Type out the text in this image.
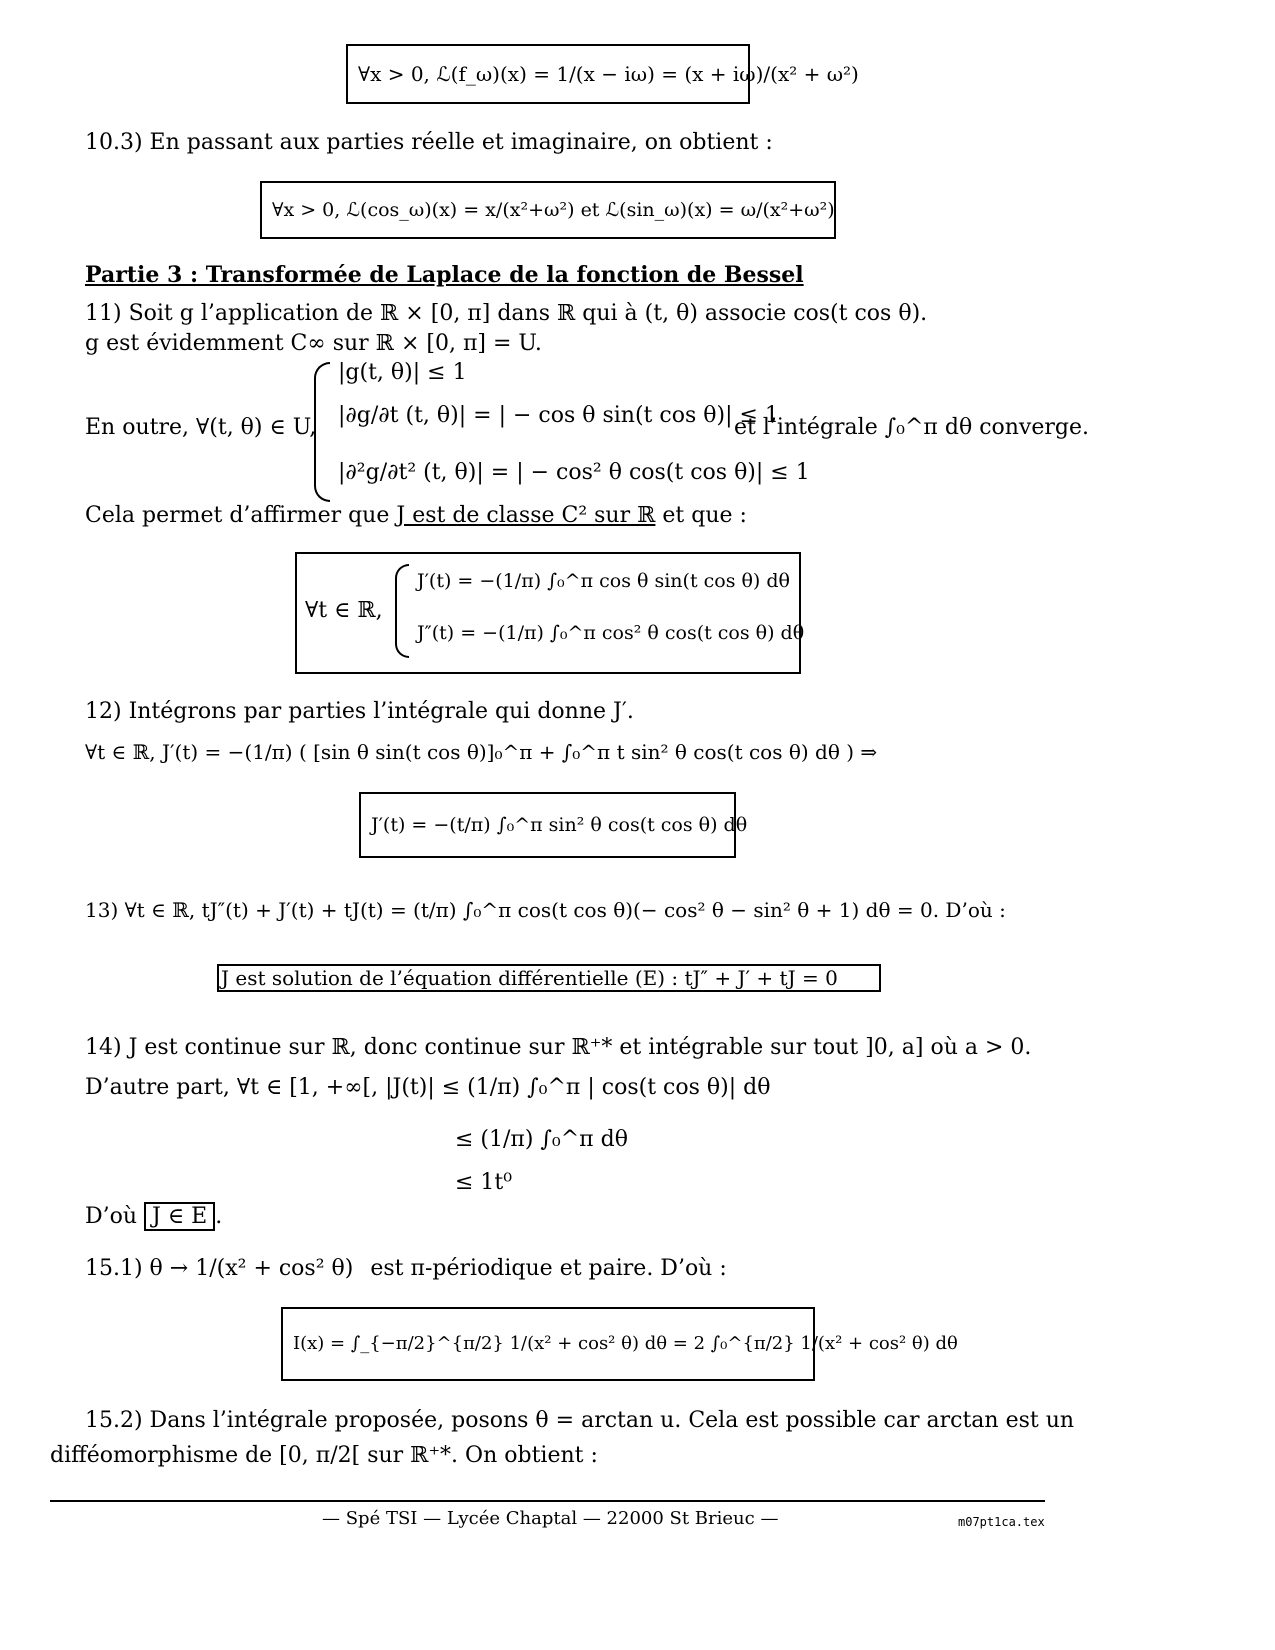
∀x > 0, ℒ(f_ω)(x) = 1/(x − iω) = (x + iω)/(x² + ω²)
10.3) En passant aux parties réelle et imaginaire, on obtient :
∀x > 0, ℒ(cos_ω)(x) = x/(x²+ω²) et ℒ(sin_ω)(x) = ω/(x²+ω²)
Partie 3 : Transformée de Laplace de la fonction de Bessel
11) Soit g l’application de ℝ × [0, π] dans ℝ qui à (t, θ) associe cos(t cos θ).
g est évidemment C∞ sur ℝ × [0, π] = U.
En outre, ∀(t, θ) ∈ U,
|g(t, θ)| ≤ 1
|∂g/∂t (t, θ)| = | − cos θ sin(t cos θ)| ≤ 1
|∂²g/∂t² (t, θ)| = | − cos² θ cos(t cos θ)| ≤ 1
et l’intégrale ∫₀^π dθ converge.
Cela permet d’affirmer que J est de classe C² sur ℝ et que :
∀t ∈ ℝ,
J′(t) = −(1/π) ∫₀^π cos θ sin(t cos θ) dθ
J″(t) = −(1/π) ∫₀^π cos² θ cos(t cos θ) dθ
12) Intégrons par parties l’intégrale qui donne J′.
∀t ∈ ℝ, J′(t) = −(1/π) ( [sin θ sin(t cos θ)]₀^π + ∫₀^π t sin² θ cos(t cos θ) dθ ) ⇒
J′(t) = −(t/π) ∫₀^π sin² θ cos(t cos θ) dθ
13) ∀t ∈ ℝ, tJ″(t) + J′(t) + tJ(t) = (t/π) ∫₀^π cos(t cos θ)(− cos² θ − sin² θ + 1) dθ = 0. D’où :
J est solution de l’équation différentielle (E) : tJ″ + J′ + tJ = 0
14) J est continue sur ℝ, donc continue sur ℝ⁺* et intégrable sur tout ]0, a] où a > 0.
D’autre part, ∀t ∈ [1, +∞[, |J(t)| ≤ (1/π) ∫₀^π | cos(t cos θ)| dθ
≤ (1/π) ∫₀^π dθ
≤ 1t⁰
D’où J ∈ E .
15.1) θ → 1/(x² + cos² θ) est π-périodique et paire. D’où :
I(x) = ∫_{−π/2}^{π/2} 1/(x² + cos² θ) dθ = 2 ∫₀^{π/2} 1/(x² + cos² θ) dθ
15.2) Dans l’intégrale proposée, posons θ = arctan u. Cela est possible car arctan est un
difféomorphisme de [0, π/2[ sur ℝ⁺*. On obtient :
— Spé TSI — Lycée Chaptal — 22000 St Brieuc —	m07pt1ca.tex
